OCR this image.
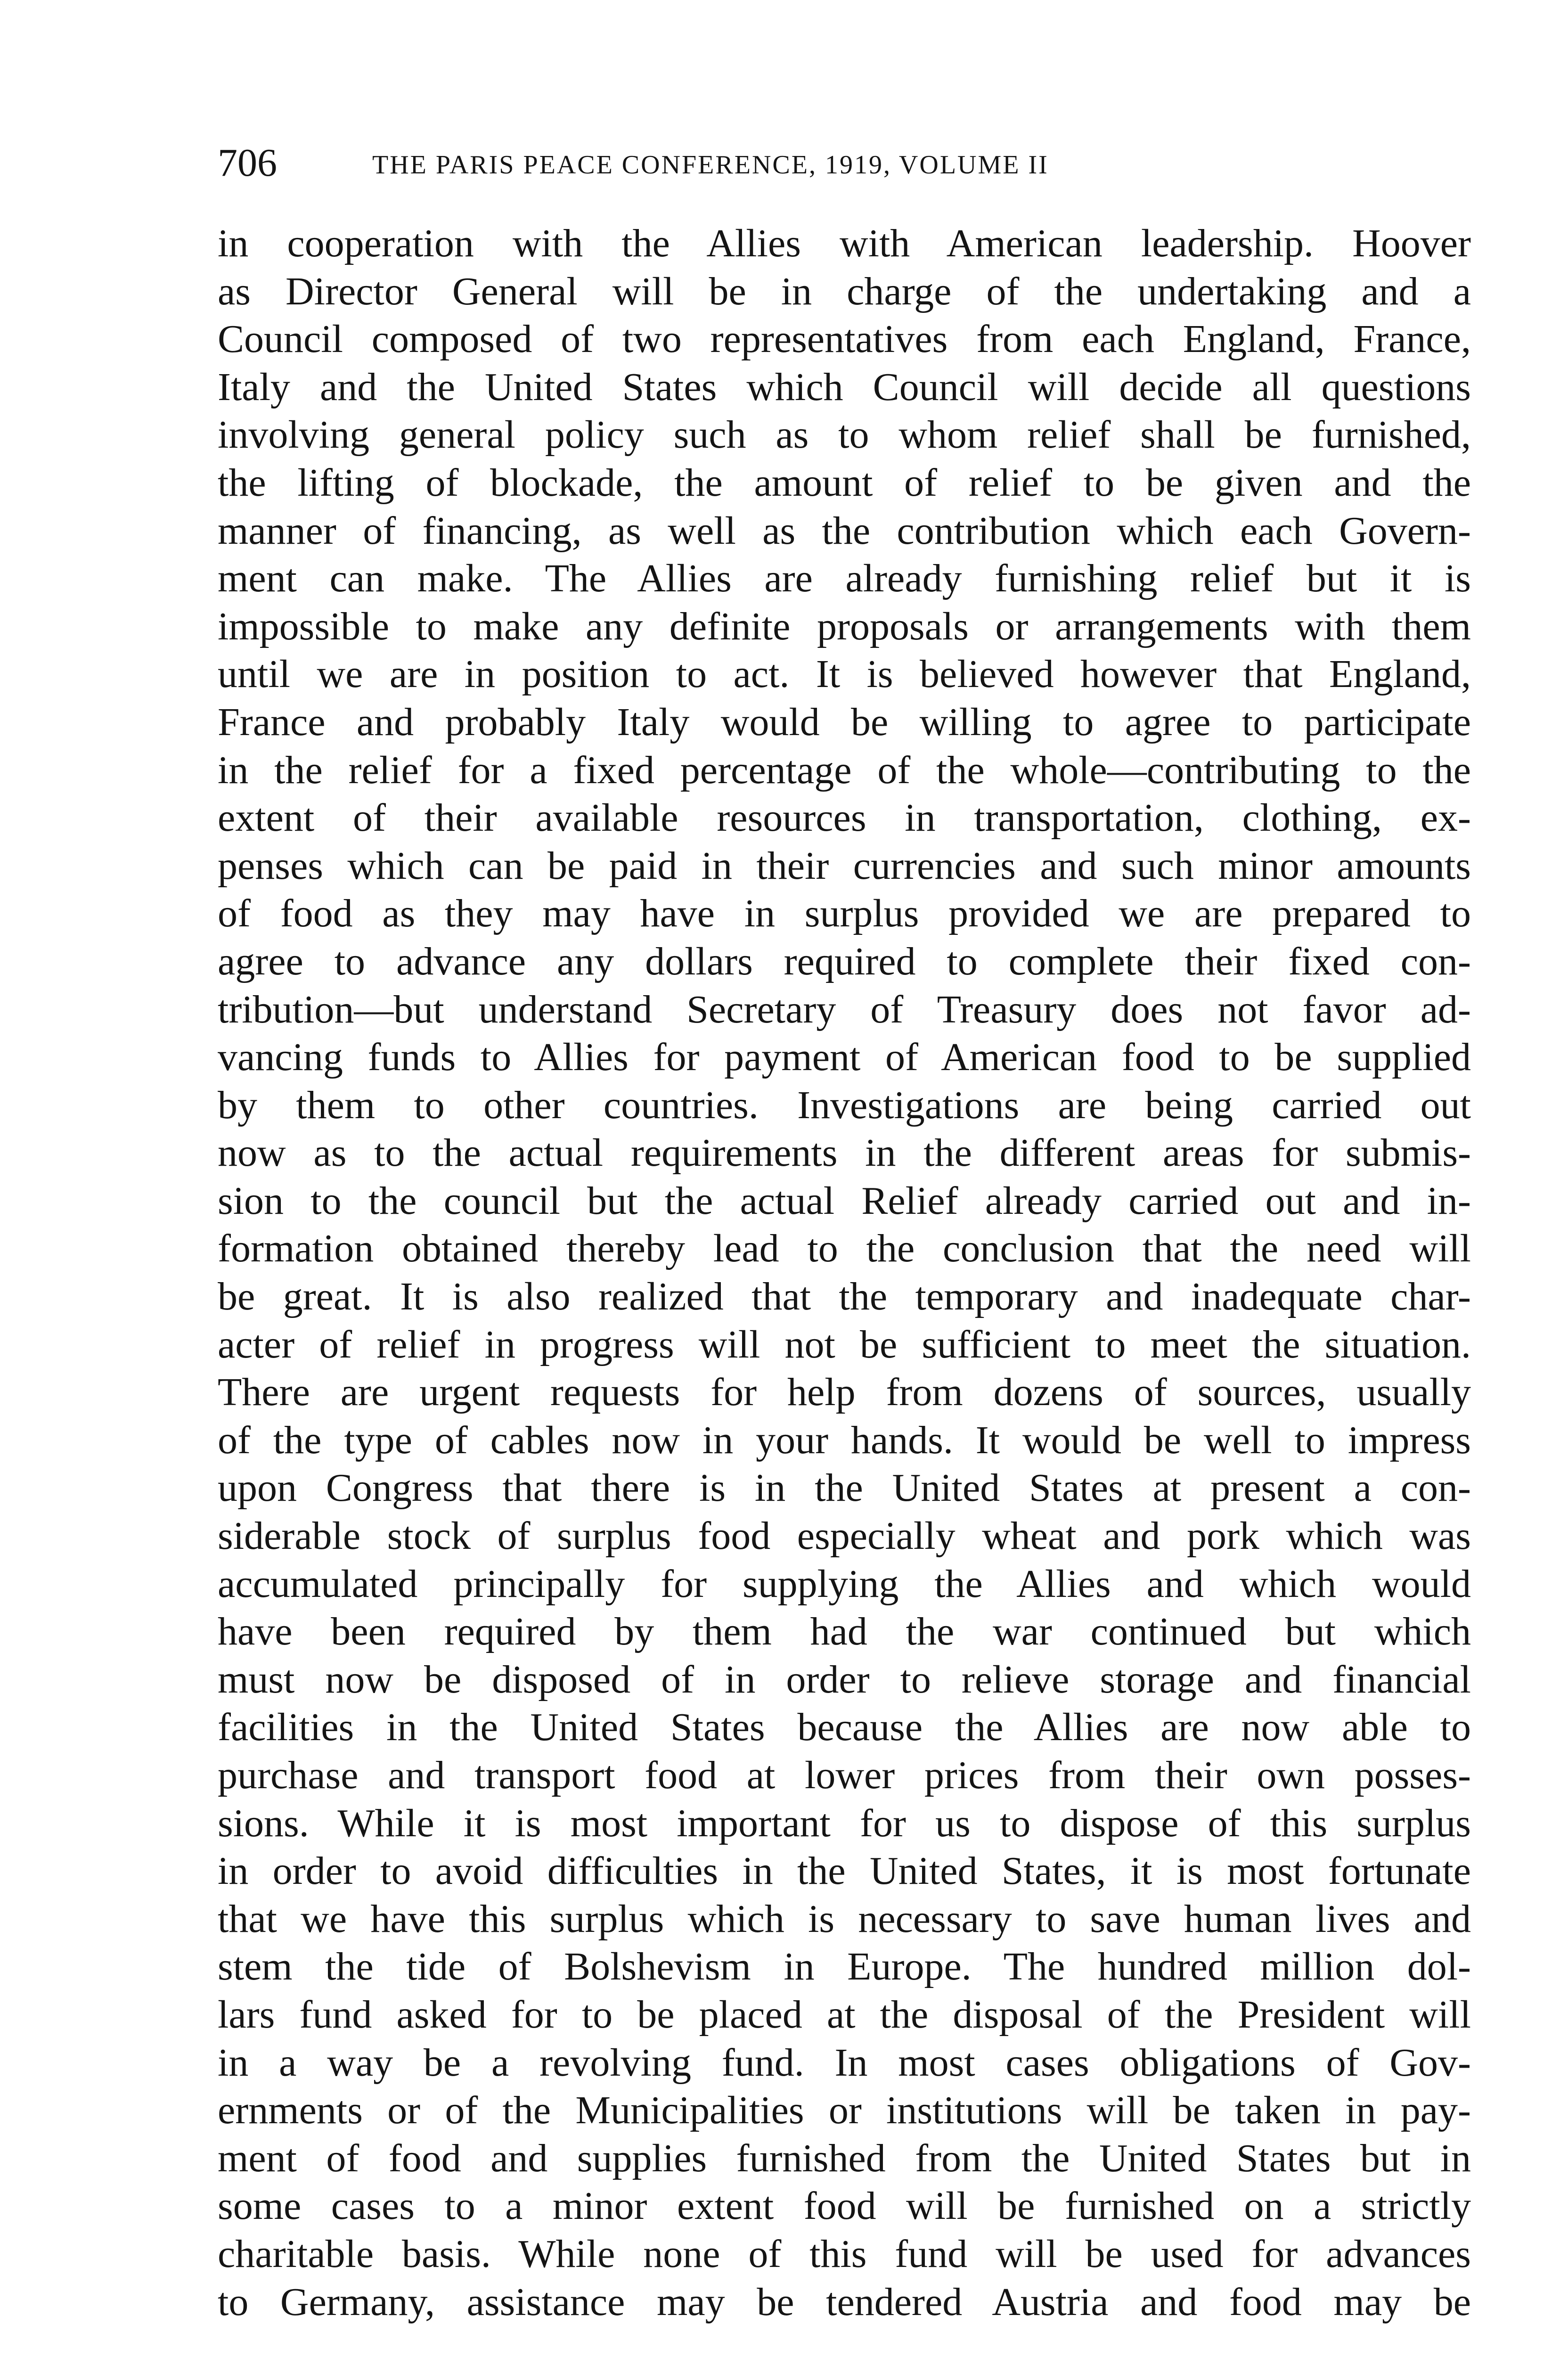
706	THE PARIS PEACE CONFERENCE, 1919, VOLUME II
in cooperation with the Allies with American leadership. Hoover
as Director General will be in charge of the undertaking and a
Council composed of two representatives from each England, France,
Italy and the United States which Council will decide all questions
involving general policy such as to whom relief shall be furnished,
the lifting of blockade, the amount of relief to be given and the
manner of financing, as well as the contribution which each Govern-
ment can make. The Allies are already furnishing relief but it is
impossible to make any definite proposals or arrangements with them
until we are in position to act. It is believed however that England,
France and probably Italy would be willing to agree to participate
in the relief for a fixed percentage of the whole—contributing to the
extent of their available resources in transportation, clothing, ex-
penses which can be paid in their currencies and such minor amounts
of food as they may have in surplus provided we are prepared to
agree to advance any dollars required to complete their fixed con-
tribution—but understand Secretary of Treasury does not favor ad-
vancing funds to Allies for payment of American food to be supplied
by them to other countries. Investigations are being carried out
now as to the actual requirements in the different areas for submis-
sion to the council but the actual Relief already carried out and in-
formation obtained thereby lead to the conclusion that the need will
be great. It is also realized that the temporary and inadequate char-
acter of relief in progress will not be sufficient to meet the situation.
There are urgent requests for help from dozens of sources, usually
of the type of cables now in your hands. It would be well to impress
upon Congress that there is in the United States at present a con-
siderable stock of surplus food especially wheat and pork which was
accumulated principally for supplying the Allies and which would
have been required by them had the war continued but which
must now be disposed of in order to relieve storage and financial
facilities in the United States because the Allies are now able to
purchase and transport food at lower prices from their own posses-
sions. While it is most important for us to dispose of this surplus
in order to avoid difficulties in the United States, it is most fortunate
that we have this surplus which is necessary to save human lives and
stem the tide of Bolshevism in Europe. The hundred million dol-
lars fund asked for to be placed at the disposal of the President will
in a way be a revolving fund. In most cases obligations of Gov-
ernments or of the Municipalities or institutions will be taken in pay-
ment of food and supplies furnished from the United States but in
some cases to a minor extent food will be furnished on a strictly
charitable basis. While none of this fund will be used for advances
to Germany, assistance may be tendered Austria and food may be
